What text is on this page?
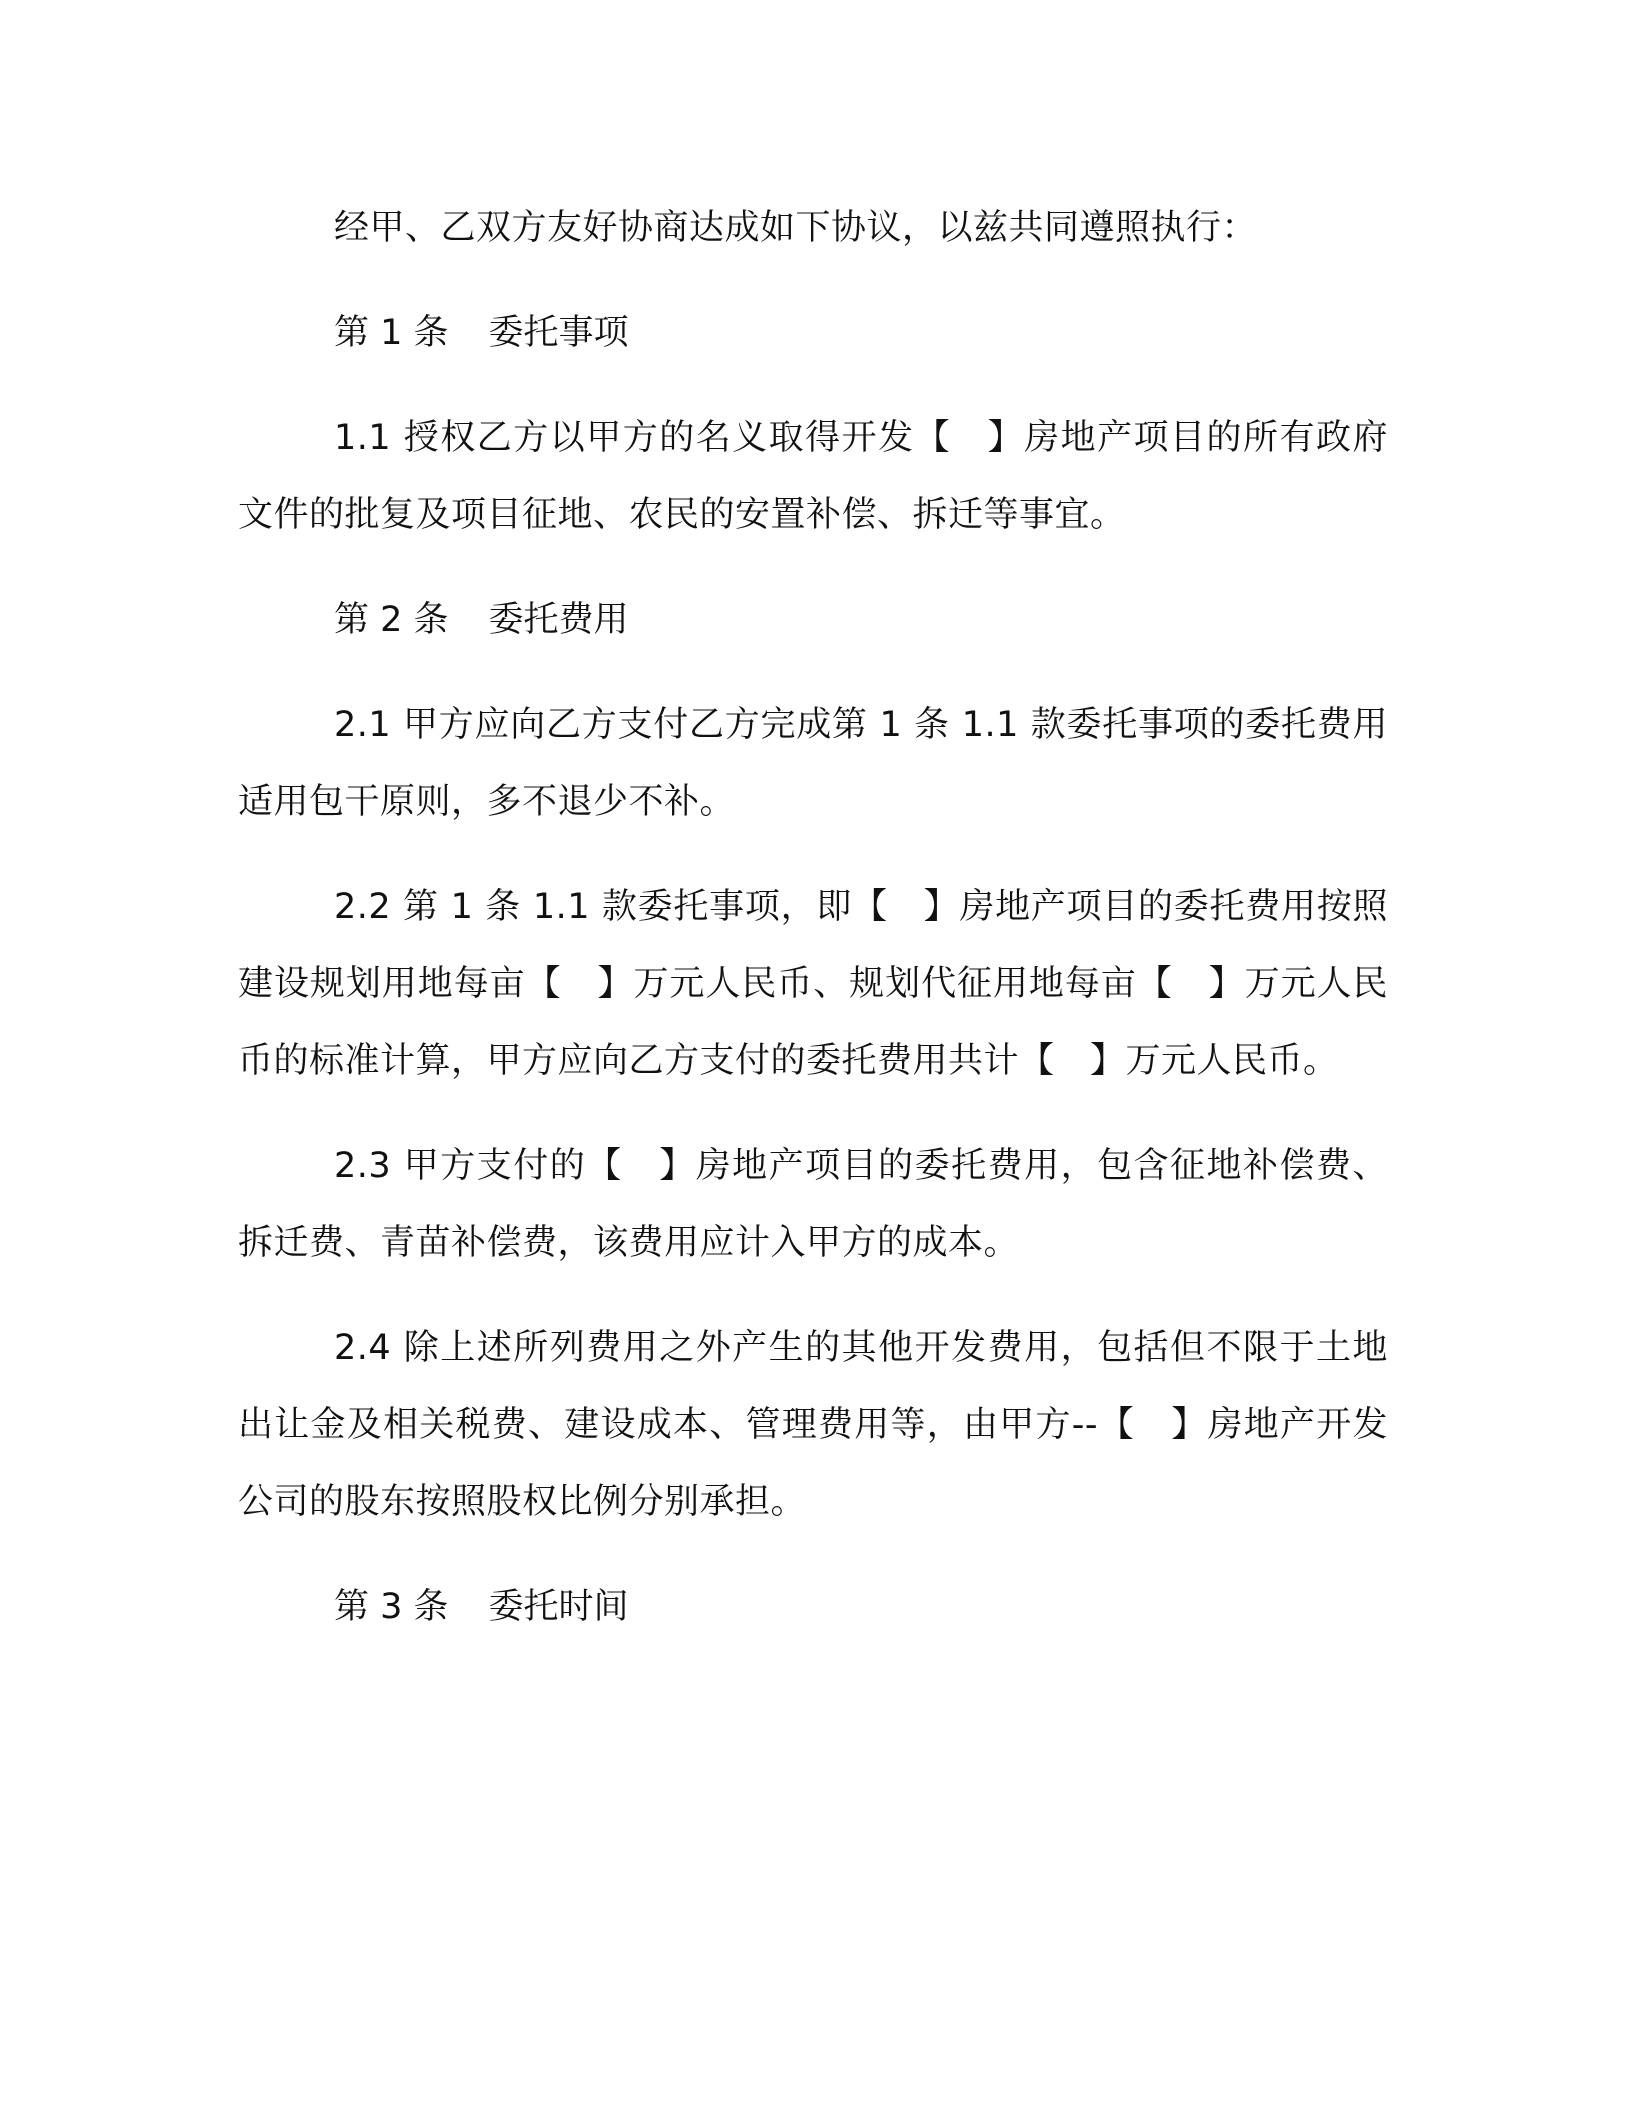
经甲、乙双方友好协商达成如下协议，以兹共同遵照执行：

第 1 条 委托事项

1.1 授权乙方以甲方的名义取得开发【　】房地产项目的所有政府文件的批复及项目征地、农民的安置补偿、拆迁等事宜。

第 2 条 委托费用

2.1 甲方应向乙方支付乙方完成第 1 条 1.1 款委托事项的委托费用适用包干原则，多不退少不补。

2.2 第 1 条 1.1 款委托事项，即【　】房地产项目的委托费用按照建设规划用地每亩【　】万元人民币、规划代征用地每亩【　】万元人民币的标准计算，甲方应向乙方支付的委托费用共计【　】万元人民币。

2.3 甲方支付的【　】房地产项目的委托费用，包含征地补偿费、拆迁费、青苗补偿费，该费用应计入甲方的成本。

2.4 除上述所列费用之外产生的其他开发费用，包括但不限于土地出让金及相关税费、建设成本、管理费用等，由甲方--【　】房地产开发公司的股东按照股权比例分别承担。

第 3 条 委托时间
